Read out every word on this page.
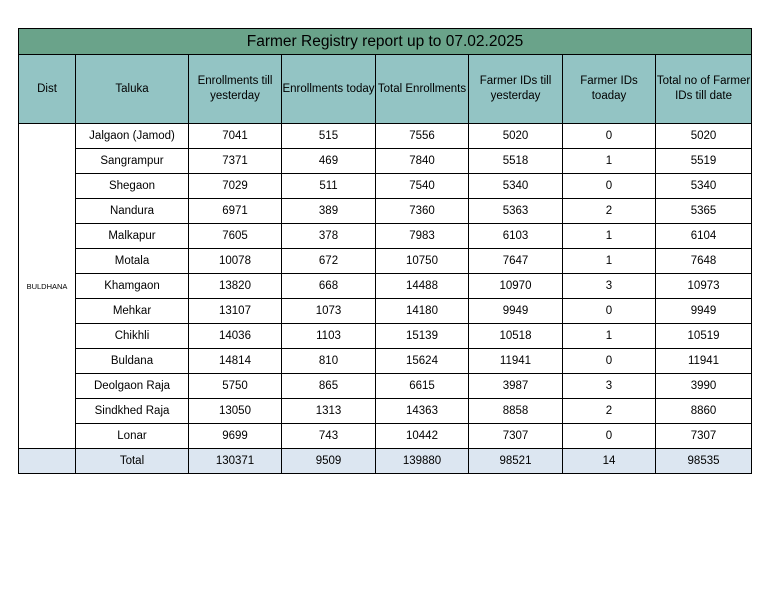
Farmer Registry report up to 07.02.2025							
Dist	Taluka	Enrollments till yesterday	Enrollments today	Total Enrollments	Farmer IDs till yesterday	Farmer IDs toaday	Total no of Farmer IDs till date
BULDHANA	Jalgaon (Jamod)	7041	515	7556	5020	0	5020
	Sangrampur	7371	469	7840	5518	1	5519
	Shegaon	7029	511	7540	5340	0	5340
	Nandura	6971	389	7360	5363	2	5365
	Malkapur	7605	378	7983	6103	1	6104
	Motala	10078	672	10750	7647	1	7648
	Khamgaon	13820	668	14488	10970	3	10973
	Mehkar	13107	1073	14180	9949	0	9949
	Chikhli	14036	1103	15139	10518	1	10519
	Buldana	14814	810	15624	11941	0	11941
	Deolgaon Raja	5750	865	6615	3987	3	3990
	Sindkhed Raja	13050	1313	14363	8858	2	8860
	Lonar	9699	743	10442	7307	0	7307
	Total	130371	9509	139880	98521	14	98535
